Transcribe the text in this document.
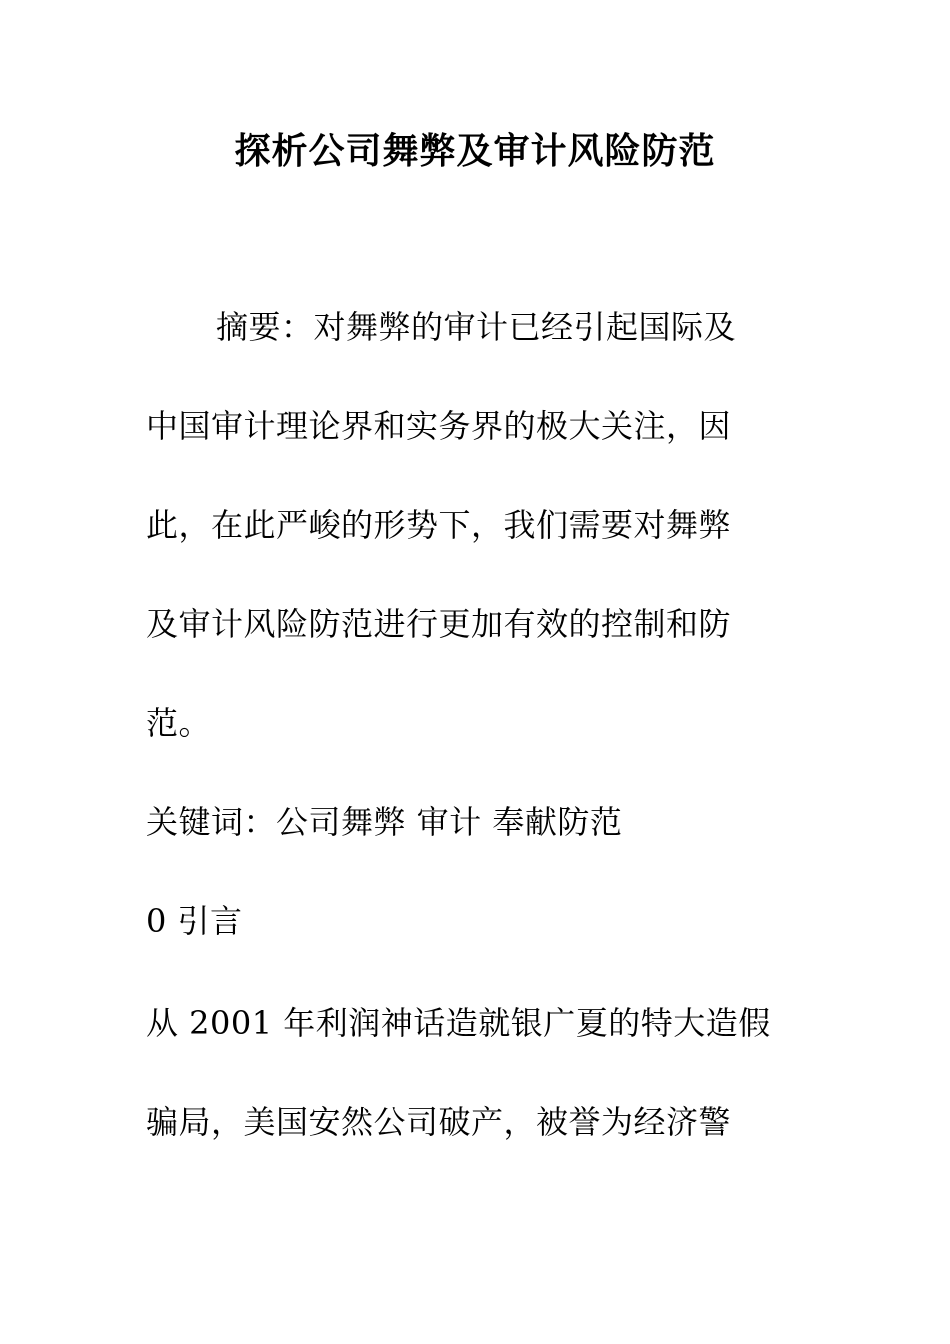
探析公司舞弊及审计风险防范
摘要：对舞弊的审计已经引起国际及
中国审计理论界和实务界的极大关注，因
此，在此严峻的形势下，我们需要对舞弊
及审计风险防范进行更加有效的控制和防
范。
关键词：公司舞弊 审计 奉献防范
0 引言
从 2001 年利润神话造就银广夏的特大造假
骗局，美国安然公司破产，被誉为经济警
